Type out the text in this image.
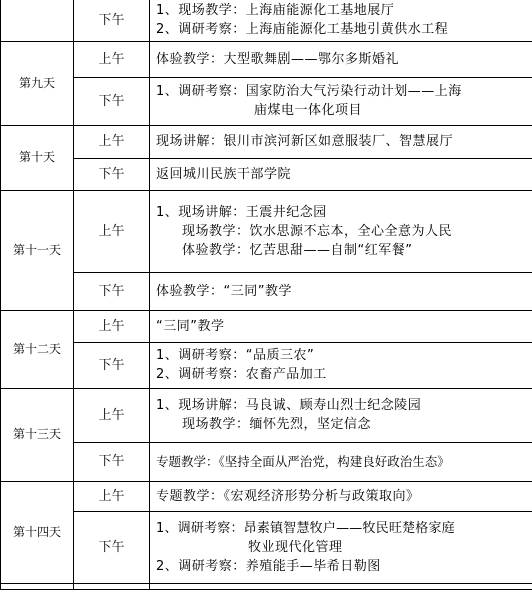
	下午	1、现场教学：上海庙能源化工基地展厅
2、调研考察：上海庙能源化工基地引黄供水工程

第九天	上午	体验教学：大型歌舞剧——鄂尔多斯婚礼

	下午	1、调研考察：国家防治大气污染行动计划——上海
庙煤电一体化项目

第十天	上午	现场讲解：银川市滨河新区如意服装厂、智慧展厅

	下午	返回城川民族干部学院

第十一天	上午	1、现场讲解：王震井纪念园
现场教学：饮水思源不忘本，全心全意为人民
体验教学：忆苦思甜——自制“红军餐”

	下午	体验教学：“三同”教学

第十二天	上午	“三同”教学

	下午	1、调研考察：“品质三农”
2、调研考察：农畜产品加工

第十三天	上午	1、现场讲解：马良诚、顾寿山烈士纪念陵园
现场教学：缅怀先烈，坚定信念

	下午	专题教学：《坚持全面从严治党，构建良好政治生态》

第十四天	上午	专题教学：《宏观经济形势分析与政策取向》

	下午	1、调研考察：昂素镇智慧牧户——牧民旺楚格家庭
牧业现代化管理
2、调研考察：养殖能手—毕希日勒图
